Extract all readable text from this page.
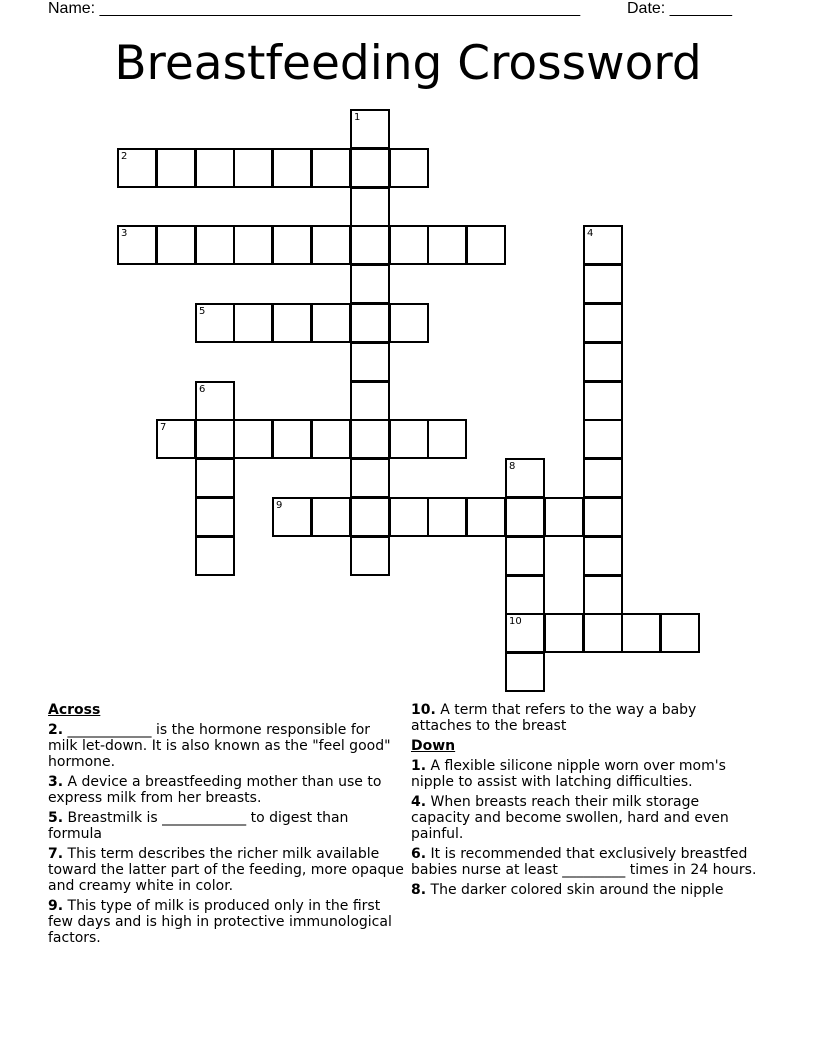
Name: ______________________________________________________	Date: _______
Breastfeeding Crossword
1
2
3	4
5
6
7
8
10
9
Across
2. ____________ is the hormone responsible for milk let-down. It is also known as the "feel good" hormone.
3. A device a breastfeeding mother than use to express milk from her breasts.
5. Breastmilk is ____________ to digest than formula
7. This term describes the richer milk available toward the latter part of the feeding, more opaque and creamy white in color.
9. This type of milk is produced only in the first few days and is high in protective immunological factors.
10. A term that refers to the way a baby attaches to the breast
Down
1. A flexible silicone nipple worn over mom's nipple to assist with latching difficulties.
4. When breasts reach their milk storage capacity and become swollen, hard and even painful.
6. It is recommended that exclusively breastfed babies nurse at least _________ times in 24 hours.
8. The darker colored skin around the nipple
